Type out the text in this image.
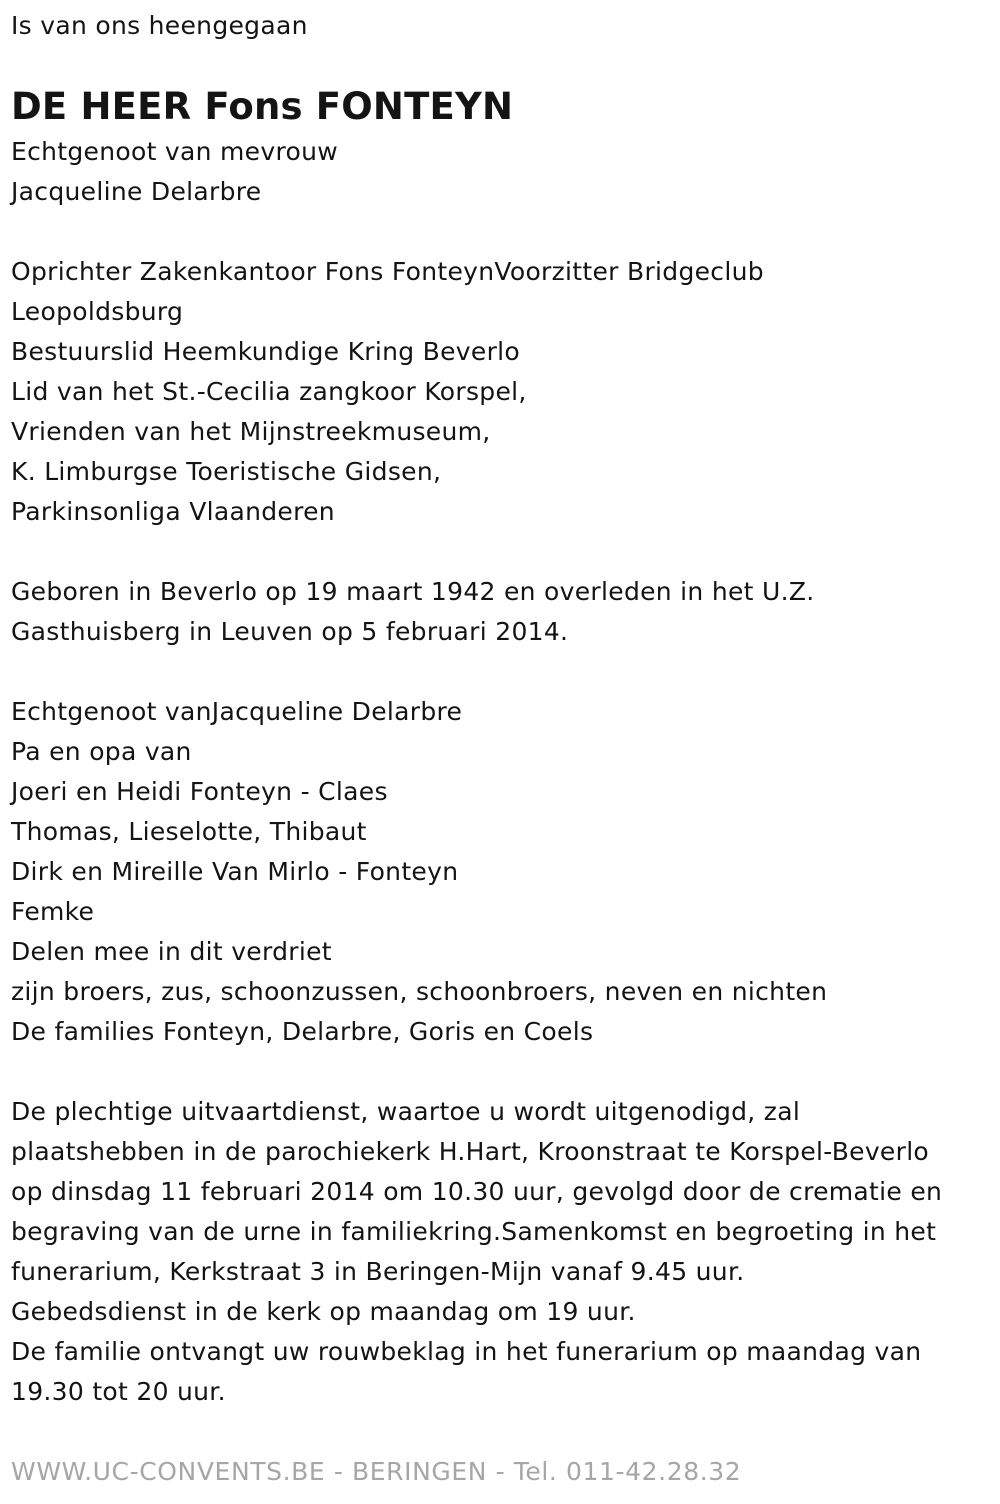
Is van ons heengegaan

DE HEER Fons FONTEYN

Echtgenoot van mevrouw

Jacqueline Delarbre

Oprichter Zakenkantoor Fons FonteynVoorzitter Bridgeclub

Leopoldsburg

Bestuurslid Heemkundige Kring Beverlo

Lid van het St.-Cecilia zangkoor Korspel,

Vrienden van het Mijnstreekmuseum,

K. Limburgse Toeristische Gidsen,

Parkinsonliga Vlaanderen

Geboren in Beverlo op 19 maart 1942 en overleden in het U.Z.

Gasthuisberg in Leuven op 5 februari 2014.

Echtgenoot vanJacqueline Delarbre

Pa en opa van

Joeri en Heidi Fonteyn - Claes

Thomas, Lieselotte, Thibaut

Dirk en Mireille Van Mirlo - Fonteyn

Femke

Delen mee in dit verdriet

zijn broers, zus, schoonzussen, schoonbroers, neven en nichten

De families Fonteyn, Delarbre, Goris en Coels

De plechtige uitvaartdienst, waartoe u wordt uitgenodigd, zal

plaatshebben in de parochiekerk H.Hart, Kroonstraat te Korspel-Beverlo

op dinsdag 11 februari 2014 om 10.30 uur, gevolgd door de crematie en

begraving van de urne in familiekring.Samenkomst en begroeting in het

funerarium, Kerkstraat 3 in Beringen-Mijn vanaf 9.45 uur.

Gebedsdienst in de kerk op maandag om 19 uur.

De familie ontvangt uw rouwbeklag in het funerarium op maandag van

19.30 tot 20 uur.

WWW.UC-CONVENTS.BE - BERINGEN - Tel. 011-42.28.32
